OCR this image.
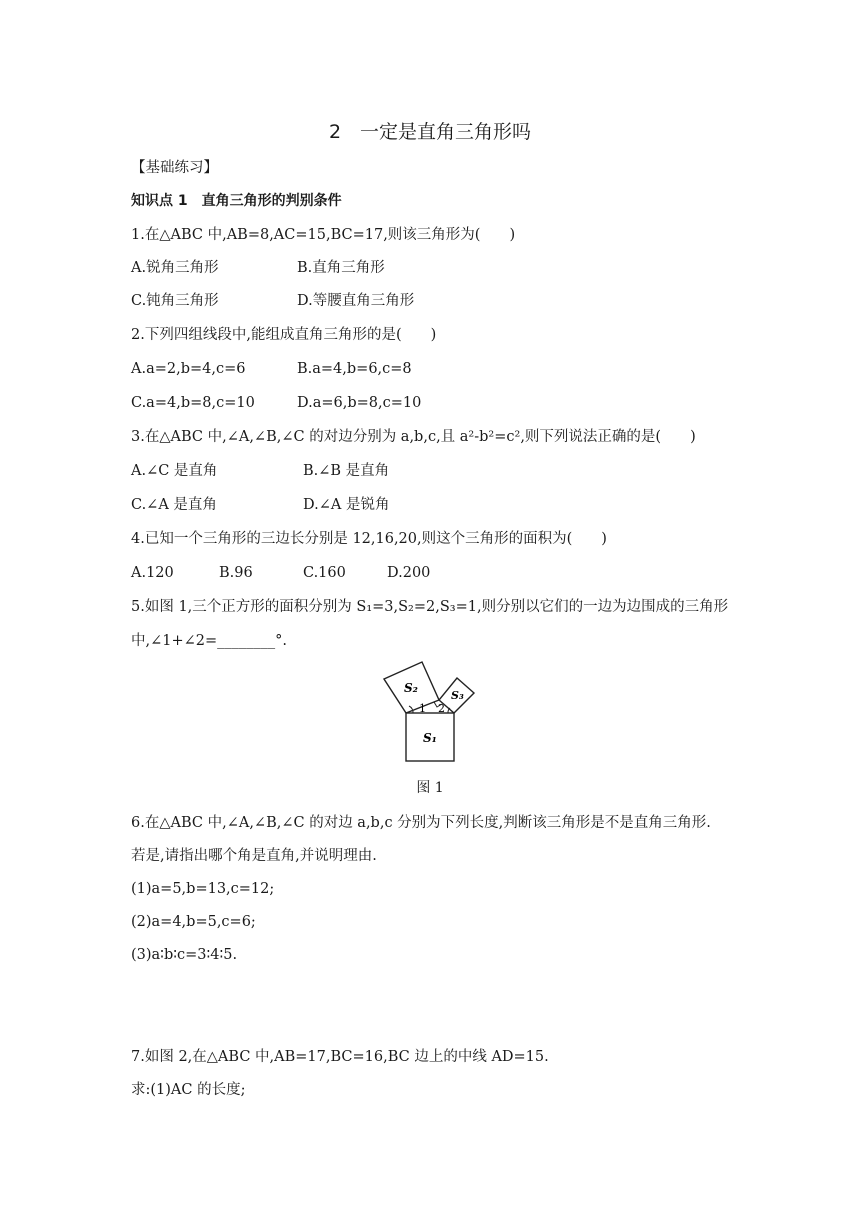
2　一定是直角三角形吗
【基础练习】
知识点 1　直角三角形的判别条件
1.在△ABC 中,AB=8,AC=15,BC=17,则该三角形为(　　)
A.锐角三角形	B.直角三角形
C.钝角三角形	D.等腰直角三角形
2.下列四组线段中,能组成直角三角形的是(　　)
A.a=2,b=4,c=6	B.a=4,b=6,c=8
C.a=4,b=8,c=10	D.a=6,b=8,c=10
3.在△ABC 中,∠A,∠B,∠C 的对边分别为 a,b,c,且 a²-b²=c²,则下列说法正确的是(　　)
A.∠C 是直角	B.∠B 是直角
C.∠A 是直角	D.∠A 是锐角
4.已知一个三角形的三边长分别是 12,16,20,则这个三角形的面积为(　　)
A.120	B.96	C.160	D.200
5.如图 1,三个正方形的面积分别为 S₁=3,S₂=2,S₃=1,则分别以它们的一边为边围成的三角形
中,∠1+∠2=________°.
S₂
S₃
S₁
1 2
图 1
6.在△ABC 中,∠A,∠B,∠C 的对边 a,b,c 分别为下列长度,判断该三角形是不是直角三角形.
若是,请指出哪个角是直角,并说明理由.
(1)a=5,b=13,c=12;
(2)a=4,b=5,c=6;
(3)a∶b∶c=3∶4∶5.
7.如图 2,在△ABC 中,AB=17,BC=16,BC 边上的中线 AD=15.
求:(1)AC 的长度;
